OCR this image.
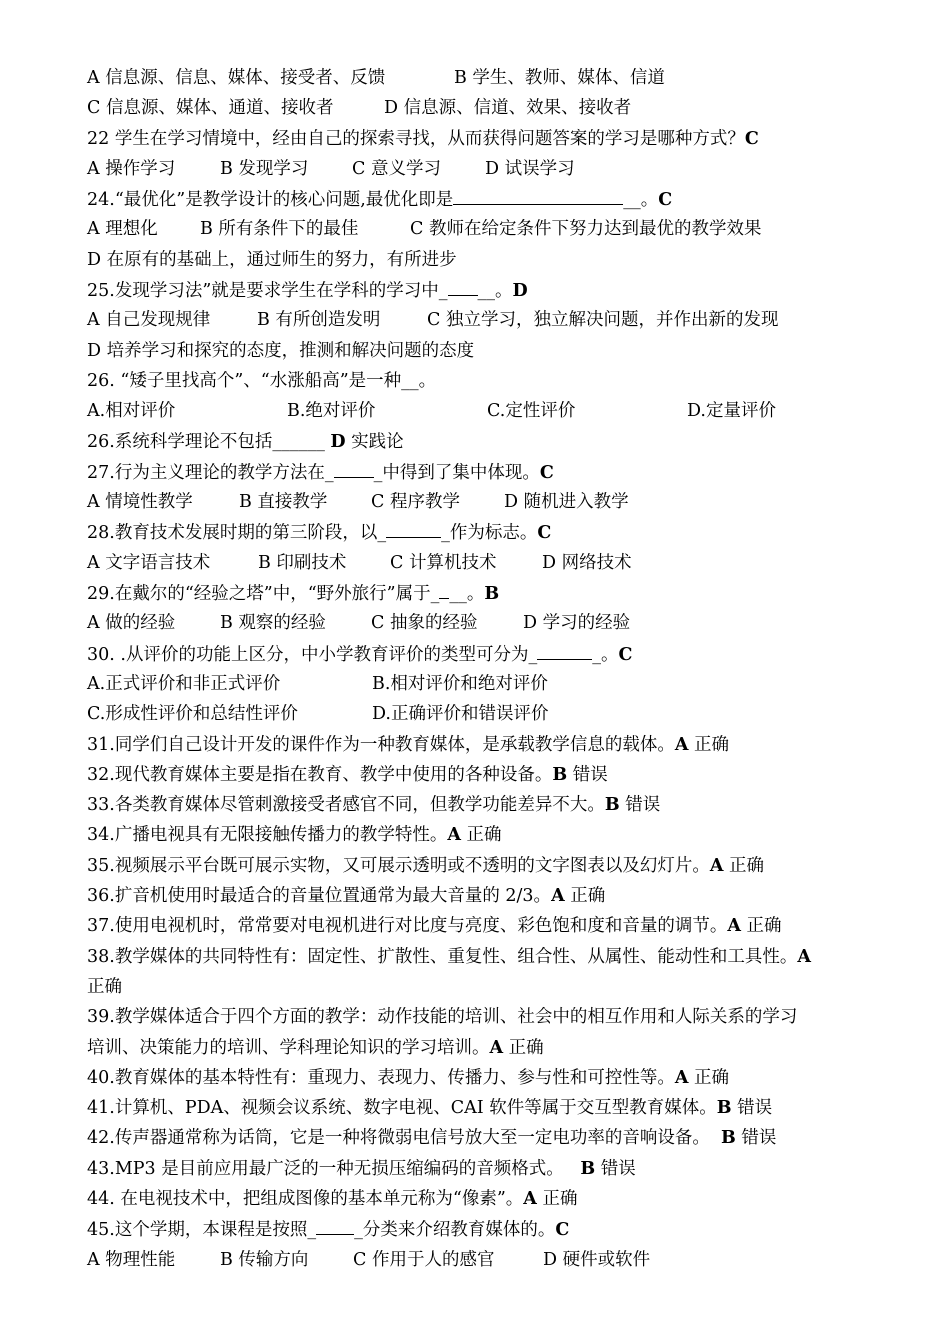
A 信息源、信息、媒体、接受者、反馈	B 学生、教师、媒体、信道
C 信息源、媒体、通道、接收者	D 信息源、信道、效果、接收者
22 学生在学习情境中，经由自己的探索寻找，从而获得问题答案的学习是哪种方式？C
A 操作学习	B 发现学习	C 意义学习	D 试误学习
24.“最优化”是教学设计的核心问题,最优化即是	__。C
A 理想化	B 所有条件下的最佳	C 教师在给定条件下努力达到最优的教学效果
D 在原有的基础上，通过师生的努力，有所进步
25.发现学习法”就是要求学生在学科的学习中_ __。D
A 自己发现规律	B 有所创造发明	C 独立学习，独立解决问题，并作出新的发现
D 培养学习和探究的态度，推测和解决问题的态度
26. “矮子里找高个”、“水涨船高”是一种__。
A.相对评价	B.绝对评价	C.定性评价	D.定量评价
26.系统科学理论不包括______ D 实践论
27.行为主义理论的教学方法在_ _中得到了集中体现。C
A 情境性教学	B 直接教学	C 程序教学	D 随机进入教学
28.教育技术发展时期的第三阶段，以_	_作为标志。C
A 文字语言技术	B 印刷技术	C 计算机技术	D 网络技术
29.在戴尔的“经验之塔”中，“野外旅行”属于_ __。B
A 做的经验	B 观察的经验	C 抽象的经验	D 学习的经验
30. .从评价的功能上区分，中小学教育评价的类型可分为_	_。C
A.正式评价和非正式评价	B.相对评价和绝对评价
C.形成性评价和总结性评价	D.正确评价和错误评价
31.同学们自己设计开发的课件作为一种教育媒体，是承载教学信息的载体。A 正确
32.现代教育媒体主要是指在教育、教学中使用的各种设备。B 错误
33.各类教育媒体尽管刺激接受者感官不同，但教学功能差异不大。B 错误
34.广播电视具有无限接触传播力的教学特性。A 正确
35.视频展示平台既可展示实物，又可展示透明或不透明的文字图表以及幻灯片。A 正确
36.扩音机使用时最适合的音量位置通常为最大音量的 2/3。A 正确
37.使用电视机时，常常要对电视机进行对比度与亮度、彩色饱和度和音量的调节。A 正确
38.教学媒体的共同特性有：固定性、扩散性、重复性、组合性、从属性、能动性和工具性。A
正确
39.教学媒体适合于四个方面的教学：动作技能的培训、社会中的相互作用和人际关系的学习
培训、决策能力的培训、学科理论知识的学习培训。A 正确
40.教育媒体的基本特性有：重现力、表现力、传播力、参与性和可控性等。A 正确
41.计算机、PDA、视频会议系统、数字电视、CAI 软件等属于交互型教育媒体。B 错误
42.传声器通常称为话筒，它是一种将微弱电信号放大至一定电功率的音响设备。  B 错误
43.MP3 是目前应用最广泛的一种无损压缩编码的音频格式。   B 错误
44. 在电视技术中，把组成图像的基本单元称为“像素”。A 正确
45.这个学期，本课程是按照_ _分类来介绍教育媒体的。C
A 物理性能	B 传输方向	C 作用于人的感官	D 硬件或软件
